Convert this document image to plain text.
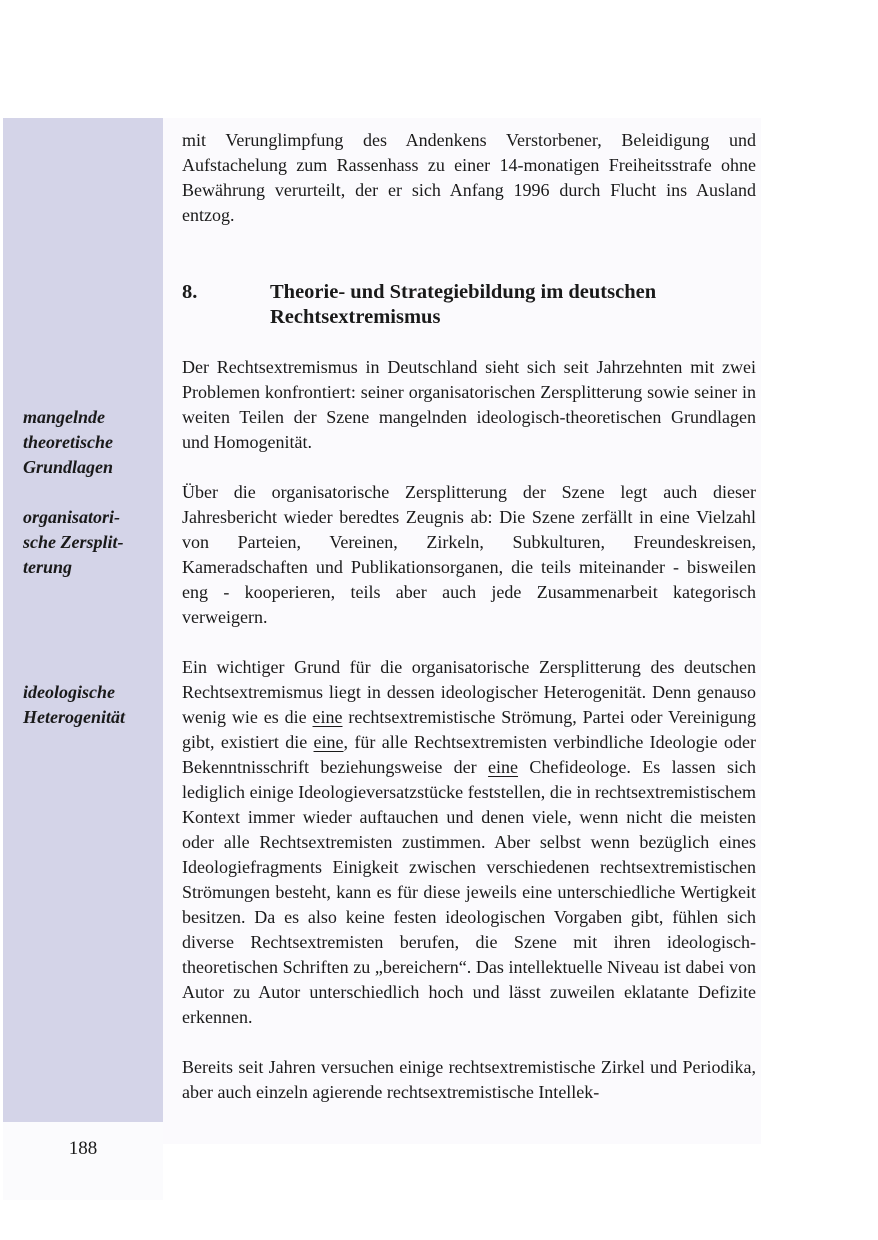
188
mangelnde
theoretische
Grundlagen
organisatori-
sche Zersplit-
terung
ideologische
Heterogenität

mit Verunglimpfung des Andenkens Verstorbener, Beleidigung und Aufstachelung zum Rassenhass zu einer 14-monatigen Freiheitsstrafe ohne Bewährung verurteilt, der er sich Anfang 1996 durch Flucht ins Ausland entzog.

8.	Theorie- und Strategiebildung im deutschen Rechtsextremismus

Der Rechtsextremismus in Deutschland sieht sich seit Jahrzehnten mit zwei Problemen konfrontiert: seiner organisatorischen Zersplitterung sowie seiner in weiten Teilen der Szene mangelnden ideologisch-theoretischen Grundlagen und Homogenität.

Über die organisatorische Zersplitterung der Szene legt auch dieser Jahresbericht wieder beredtes Zeugnis ab: Die Szene zerfällt in eine Vielzahl von Parteien, Vereinen, Zirkeln, Subkulturen, Freundeskreisen, Kameradschaften und Publikationsorganen, die teils miteinander - bisweilen eng - kooperieren, teils aber auch jede Zusammenarbeit kategorisch verweigern.

Ein wichtiger Grund für die organisatorische Zersplitterung des deutschen Rechtsextremismus liegt in dessen ideologischer Heterogenität. Denn genauso wenig wie es die eine rechtsextremistische Strömung, Partei oder Vereinigung gibt, existiert die eine, für alle Rechtsextremisten verbindliche Ideologie oder Bekenntnisschrift beziehungsweise der eine Chefideologe. Es lassen sich lediglich einige Ideologieversatzstücke feststellen, die in rechtsextremistischem Kontext immer wieder auftauchen und denen viele, wenn nicht die meisten oder alle Rechtsextremisten zustimmen. Aber selbst wenn bezüglich eines Ideologiefragments Einigkeit zwischen verschiedenen rechtsextremistischen Strömungen besteht, kann es für diese jeweils eine unterschiedliche Wertigkeit besitzen. Da es also keine festen ideologischen Vorgaben gibt, fühlen sich diverse Rechtsextremisten berufen, die Szene mit ihren ideologisch-theoretischen Schriften zu „bereichern“. Das intellektuelle Niveau ist dabei von Autor zu Autor unterschiedlich hoch und lässt zuweilen eklatante Defizite erkennen.

Bereits seit Jahren versuchen einige rechtsextremistische Zirkel und Periodika, aber auch einzeln agierende rechtsextremistische Intellek-
